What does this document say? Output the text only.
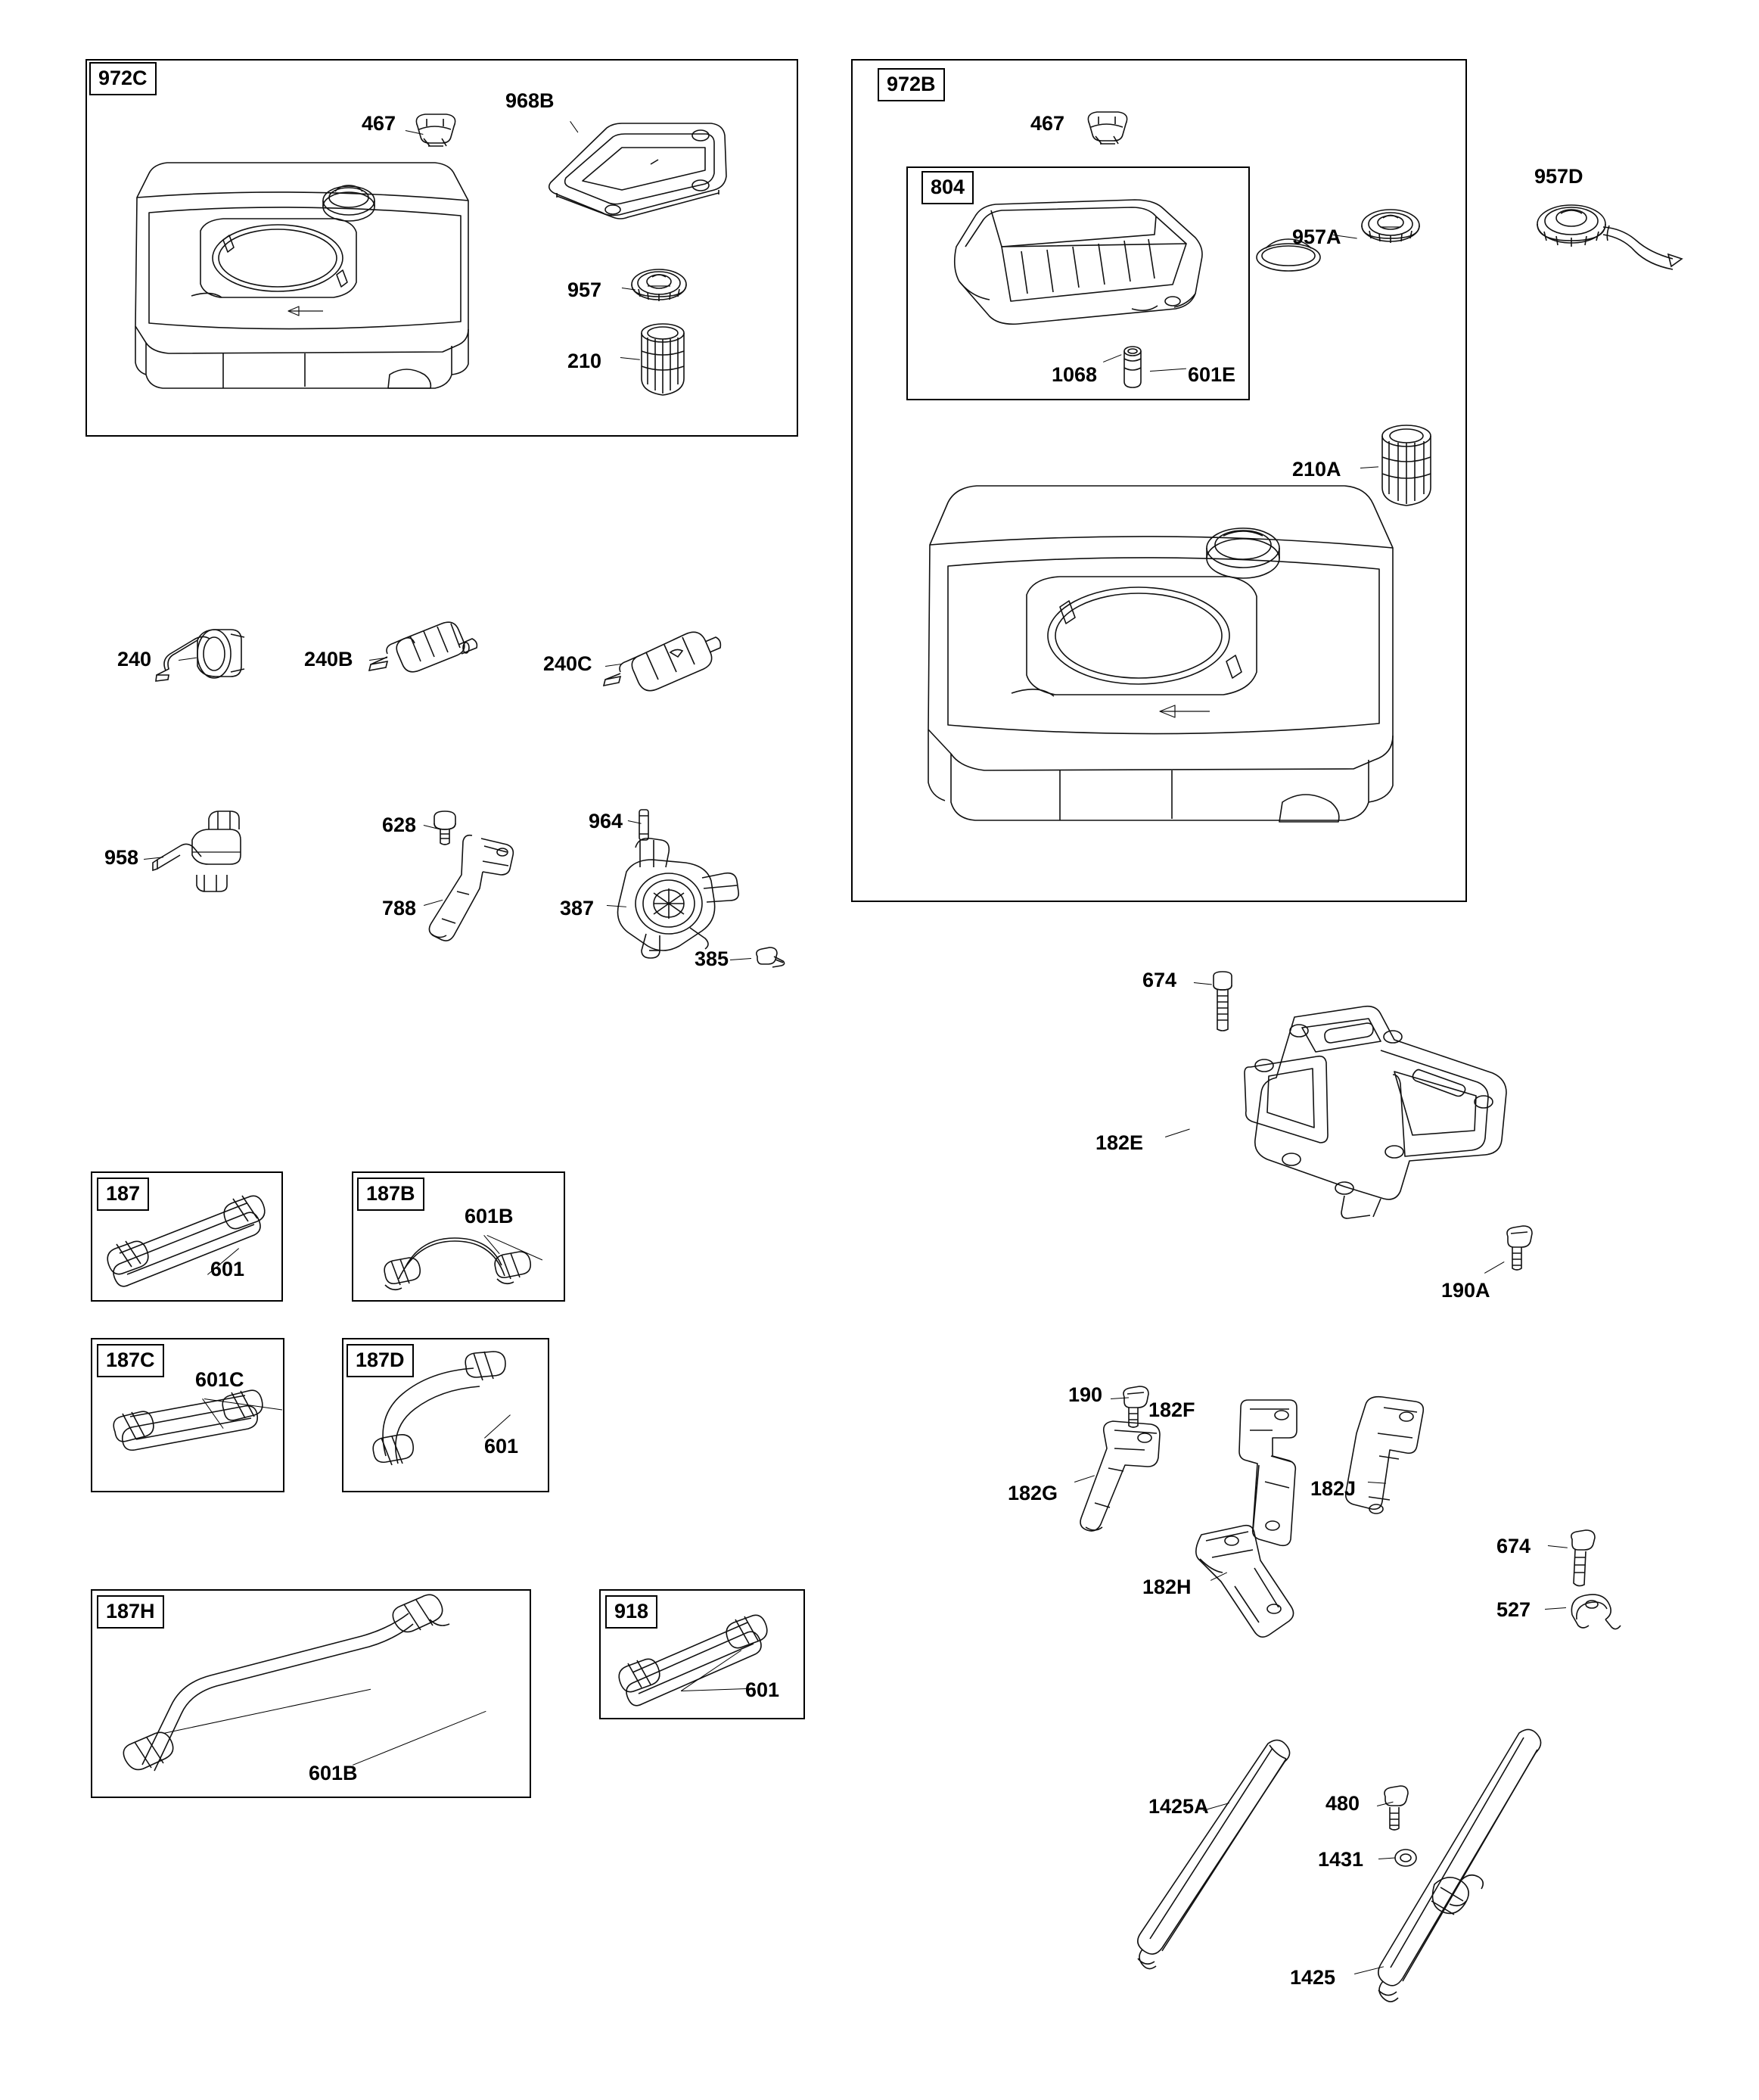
972C
467
968B
957
210
972B
467
804
957A
957D
1068	601E
210A
240	240B	240C
958
628
788
964
387
385
674
182E
190A
190
182F
182G	182J
182H
674
527
187
601
187B
601B
187C
601C
187D
601
187H
601B
918
601
1425A	480
1431
1425
